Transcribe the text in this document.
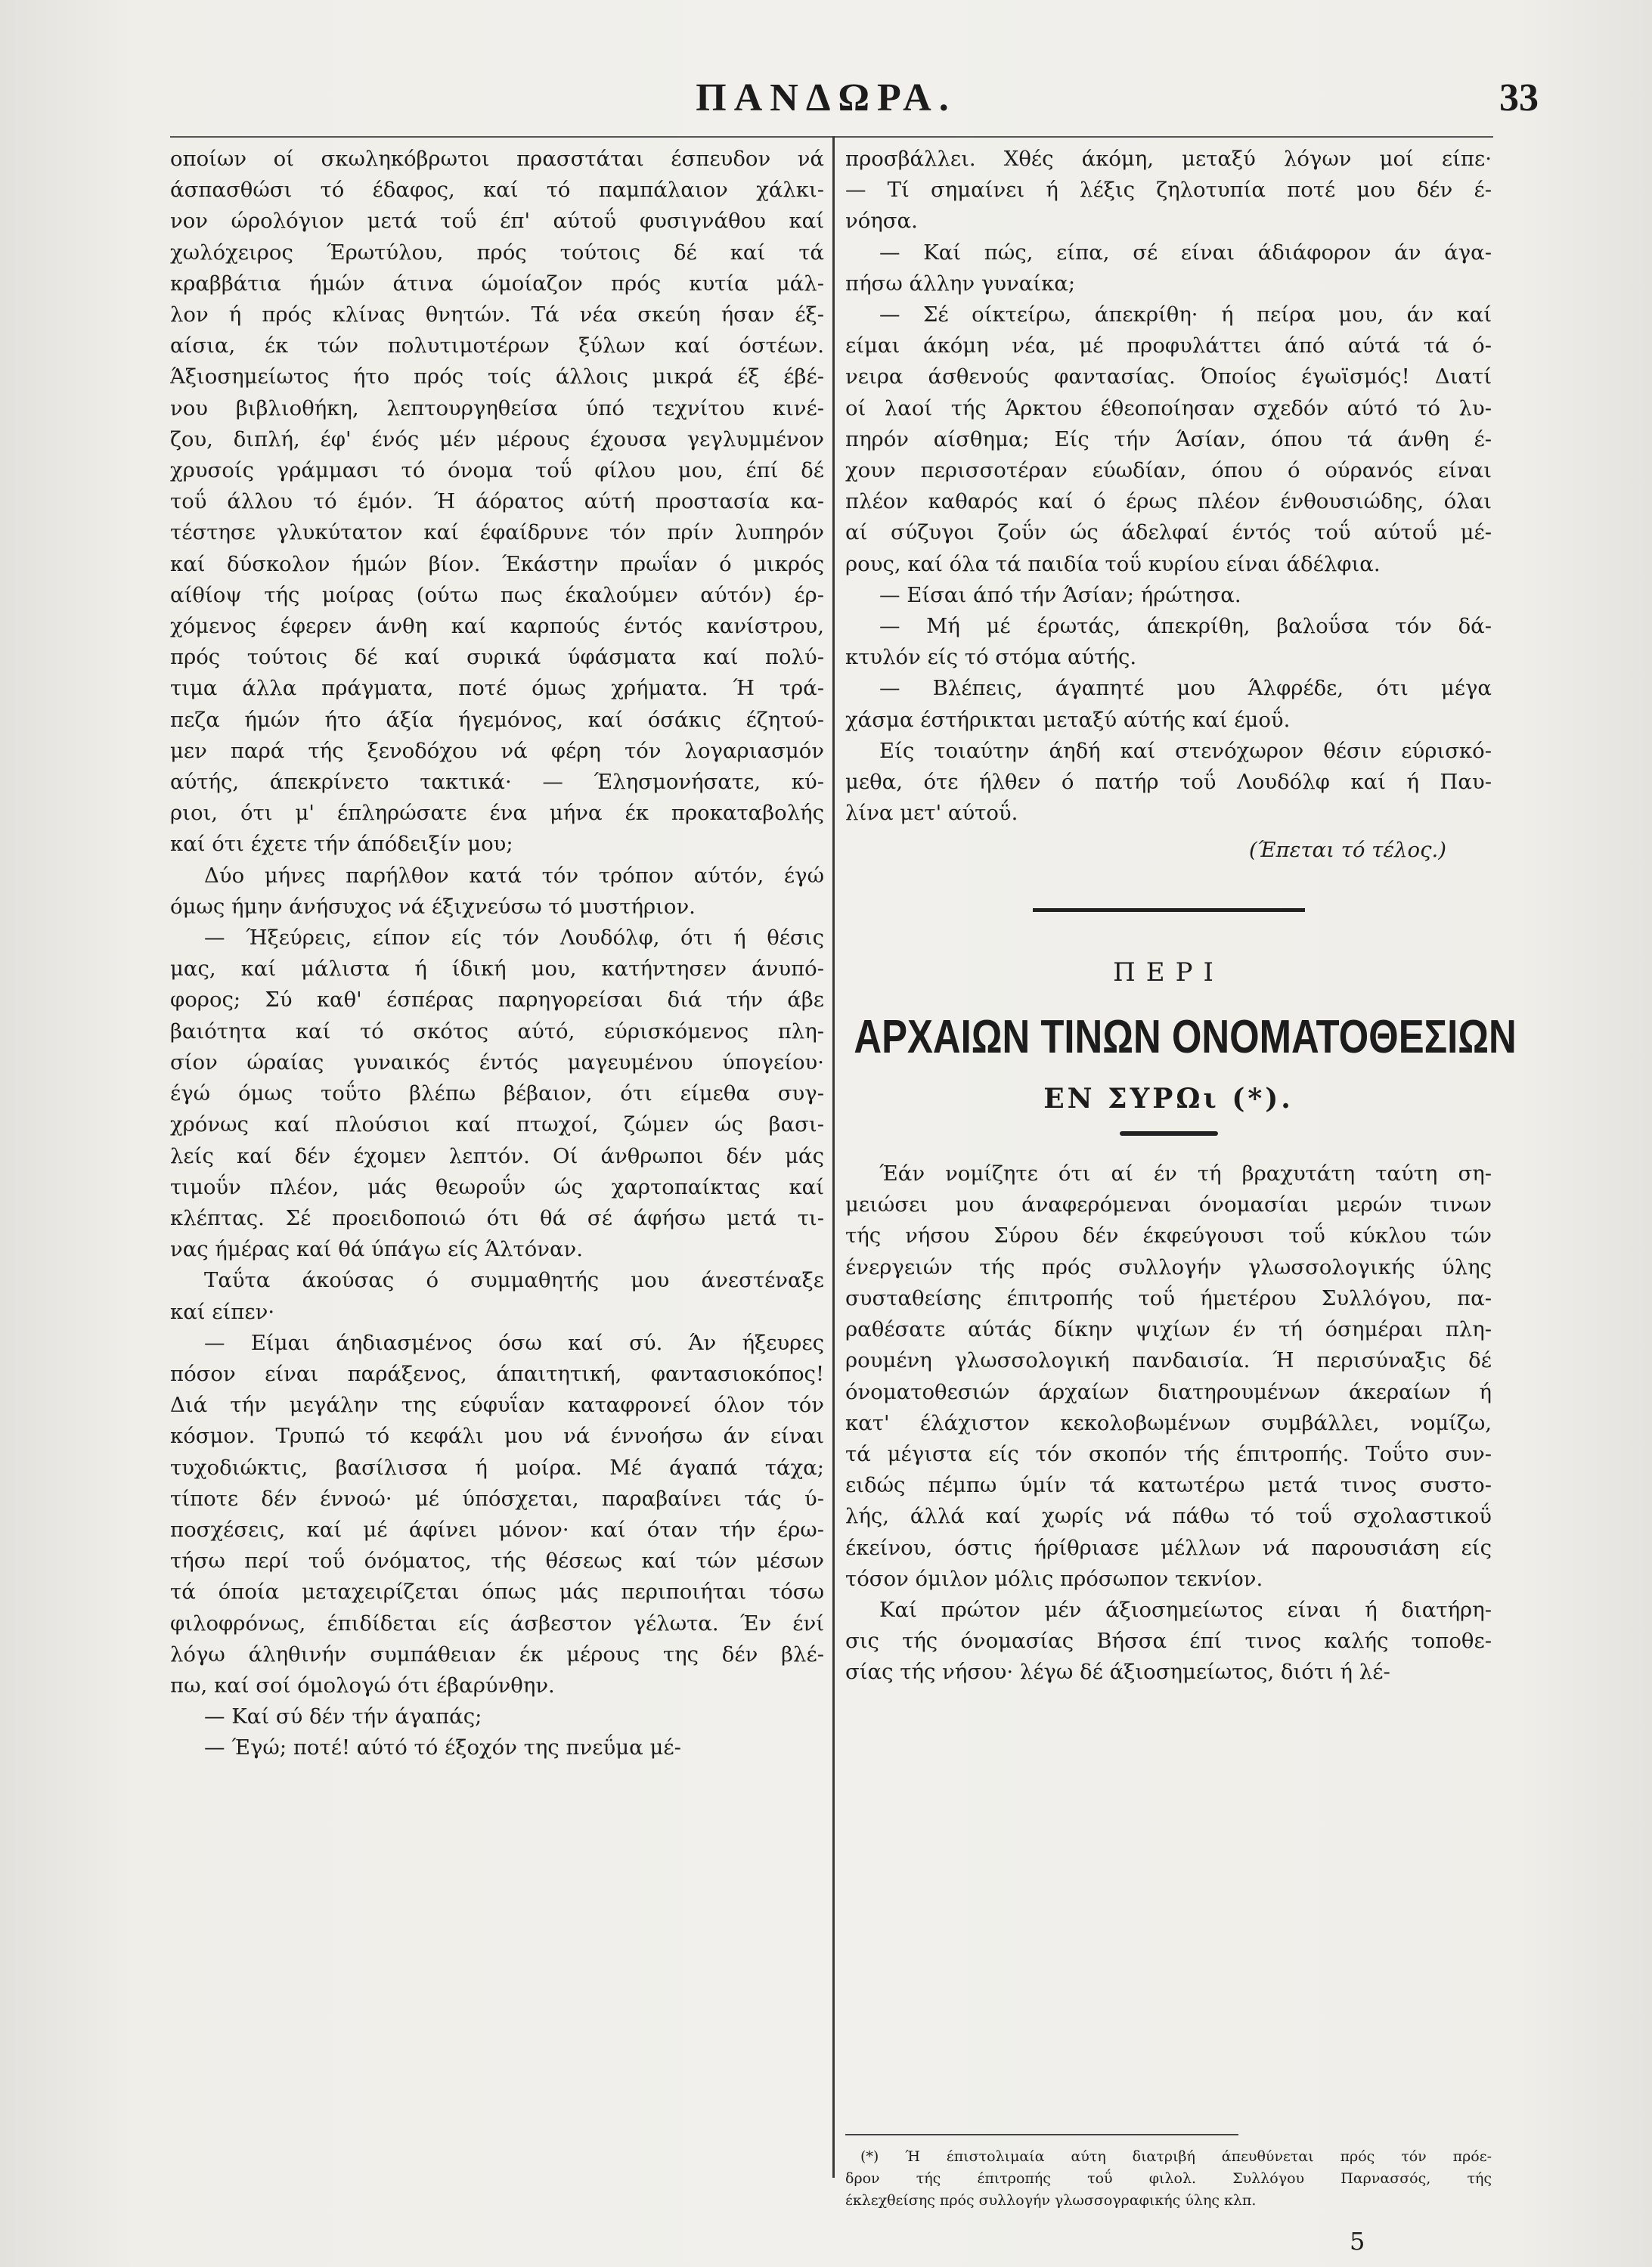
ΠΑΝΔΩΡΑ.	33

οποίων οί σκωληκόβρωτοι πρασστάται έσπευδον νά
άσπασθώσι τό έδαφος, καί τό παμπάλαιον χάλκι-
νον ώρολόγιον μετά τοΰ έπ' αύτοΰ φυσιγνάθου καί
χωλόχειρος Έρωτύλου, πρός τούτοις δέ καί τά
κραββάτια ήμών άτινα ώμοίαζον πρός κυτία μάλ-
λον ή πρός κλίνας θνητών. Τά νέα σκεύη ήσαν έξ-
αίσια, έκ τών πολυτιμοτέρων ξύλων καί όστέων.
Άξιοσημείωτος ήτο πρός τοίς άλλοις μικρά έξ έβέ-
νου βιβλιοθήκη, λεπτουργηθείσα ύπό τεχνίτου κινέ-
ζου, διπλή, έφ' ένός μέν μέρους έχουσα γεγλυμμένον
χρυσοίς γράμμασι τό όνομα τοΰ φίλου μου, έπί δέ
τοΰ άλλου τό έμόν. Ή άόρατος αύτή προστασία κα-
τέστησε γλυκύτατον καί έφαίδρυνε τόν πρίν λυπηρόν
καί δύσκολον ήμών βίον. Έκάστην πρωΐαν ό μικρός
αίθίοψ τής μοίρας (ούτω πως έκαλούμεν αύτόν) έρ-
χόμενος έφερεν άνθη καί καρπούς έντός κανίστρου,
πρός τούτοις δέ καί συρικά ύφάσματα καί πολύ-
τιμα άλλα πράγματα, ποτέ όμως χρήματα. Ή τρά-
πεζα ήμών ήτο άξία ήγεμόνος, καί όσάκις έζητού-
μεν παρά τής ξενοδόχου νά φέρη τόν λογαριασμόν
αύτής, άπεκρίνετο τακτικά· — Έλησμονήσατε, κύ-
ριοι, ότι μ' έπληρώσατε ένα μήνα έκ προκαταβολής
καί ότι έχετε τήν άπόδειξίν μου;

Δύο μήνες παρήλθον κατά τόν τρόπον αύτόν, έγώ
όμως ήμην άνήσυχος νά έξιχνεύσω τό μυστήριον.

— Ήξεύρεις, είπον είς τόν Λουδόλφ, ότι ή θέσις
μας, καί μάλιστα ή ίδική μου, κατήντησεν άνυπό-
φορος; Σύ καθ' έσπέρας παρηγορείσαι διά τήν άβε
βαιότητα καί τό σκότος αύτό, εύρισκόμενος πλη-
σίον ώραίας γυναικός έντός μαγευμένου ύπογείου·
έγώ όμως τοΰτο βλέπω βέβαιον, ότι είμεθα συγ-
χρόνως καί πλούσιοι καί πτωχοί, ζώμεν ώς βασι-
λείς καί δέν έχομεν λεπτόν. Οί άνθρωποι δέν μάς
τιμοΰν πλέον, μάς θεωροΰν ώς χαρτοπαίκτας καί
κλέπτας. Σέ προειδοποιώ ότι θά σέ άφήσω μετά τι-
νας ήμέρας καί θά ύπάγω είς Άλτόναν.

Ταΰτα άκούσας ό συμμαθητής μου άνεστέναξε
καί είπεν·

— Είμαι άηδιασμένος όσω καί σύ. Άν ήξευρες
πόσον είναι παράξενος, άπαιτητική, φαντασιοκόπος!
Διά τήν μεγάλην της εύφυΐαν καταφρονεί όλον τόν
κόσμον. Τρυπώ τό κεφάλι μου νά έννοήσω άν είναι
τυχοδιώκτις, βασίλισσα ή μοίρα. Μέ άγαπά τάχα;
τίποτε δέν έννοώ· μέ ύπόσχεται, παραβαίνει τάς ύ-
ποσχέσεις, καί μέ άφίνει μόνον· καί όταν τήν έρω-
τήσω περί τοΰ όνόματος, τής θέσεως καί τών μέσων
τά όποία μεταχειρίζεται όπως μάς περιποιήται τόσω
φιλοφρόνως, έπιδίδεται είς άσβεστον γέλωτα. Έν ένί
λόγω άληθινήν συμπάθειαν έκ μέρους της δέν βλέ-
πω, καί σοί όμολογώ ότι έβαρύνθην.

— Καί σύ δέν τήν άγαπάς;

— Έγώ; ποτέ! αύτό τό έξοχόν της πνεΰμα μέ-

προσβάλλει. Χθές άκόμη, μεταξύ λόγων μοί είπε·
— Τί σημαίνει ή λέξις ζηλοτυπία ποτέ μου δέν έ-
νόησα.

— Καί πώς, είπα, σέ είναι άδιάφορον άν άγα-
πήσω άλλην γυναίκα;

— Σέ οίκτείρω, άπεκρίθη· ή πείρα μου, άν καί
είμαι άκόμη νέα, μέ προφυλάττει άπό αύτά τά ό-
νειρα άσθενούς φαντασίας. Όποίος έγωϊσμός! Διατί
οί λαοί τής Άρκτου έθεοποίησαν σχεδόν αύτό τό λυ-
πηρόν αίσθημα; Είς τήν Άσίαν, όπου τά άνθη έ-
χουν περισσοτέραν εύωδίαν, όπου ό ούρανός είναι
πλέον καθαρός καί ό έρως πλέον ένθουσιώδης, όλαι
αί σύζυγοι ζοΰν ώς άδελφαί έντός τοΰ αύτοΰ μέ-
ρους, καί όλα τά παιδία τοΰ κυρίου είναι άδέλφια.

— Είσαι άπό τήν Άσίαν; ήρώτησα.

— Μή μέ έρωτάς, άπεκρίθη, βαλοΰσα τόν δά-
κτυλόν είς τό στόμα αύτής.

— Βλέπεις, άγαπητέ μου Άλφρέδε, ότι μέγα
χάσμα έστήρικται μεταξύ αύτής καί έμοΰ.

Είς τοιαύτην άηδή καί στενόχωρον θέσιν εύρισκό-
μεθα, ότε ήλθεν ό πατήρ τοΰ Λουδόλφ καί ή Παυ-
λίνα μετ' αύτοΰ.

(Έπεται τό τέλος.)
ΠΕΡΙ
ΑΡΧΑΙΩΝ ΤΙΝΩΝ ΟΝΟΜΑΤΟΘΕΣΙΩΝ
ΕΝ ΣΥΡΩι (*).

Έάν νομίζητε ότι αί έν τή βραχυτάτη ταύτη ση-
μειώσει μου άναφερόμεναι όνομασίαι μερών τινων
τής νήσου Σύρου δέν έκφεύγουσι τοΰ κύκλου τών
ένεργειών τής πρός συλλογήν γλωσσολογικής ύλης
συσταθείσης έπιτροπής τοΰ ήμετέρου Συλλόγου, πα-
ραθέσατε αύτάς δίκην ψιχίων έν τή όσημέραι πλη-
ρουμένη γλωσσολογική πανδαισία. Ή περισύναξις δέ
όνοματοθεσιών άρχαίων διατηρουμένων άκεραίων ή
κατ' έλάχιστον κεκολοβωμένων συμβάλλει, νομίζω,
τά μέγιστα είς τόν σκοπόν τής έπιτροπής. Τοΰτο συν-
ειδώς πέμπω ύμίν τά κατωτέρω μετά τινος συστο-
λής, άλλά καί χωρίς νά πάθω τό τοΰ σχολαστικοΰ
έκείνου, όστις ήρίθριασε μέλλων νά παρουσιάση είς
τόσον όμιλον μόλις πρόσωπον τεκνίον.

Καί πρώτον μέν άξιοσημείωτος είναι ή διατήρη-
σις τής όνομασίας Βήσσα έπί τινος καλής τοποθε-
σίας τής νήσου· λέγω δέ άξιοσημείωτος, διότι ή λέ-

(*) Ή έπιστολιμαία αύτη διατριβή άπευθύνεται πρός τόν πρόε-
δρον τής έπιτροπής τοΰ φιλολ. Συλλόγου Παρνασσός, τής
έκλεχθείσης πρός συλλογήν γλωσσογραφικής ύλης κλπ.
5
